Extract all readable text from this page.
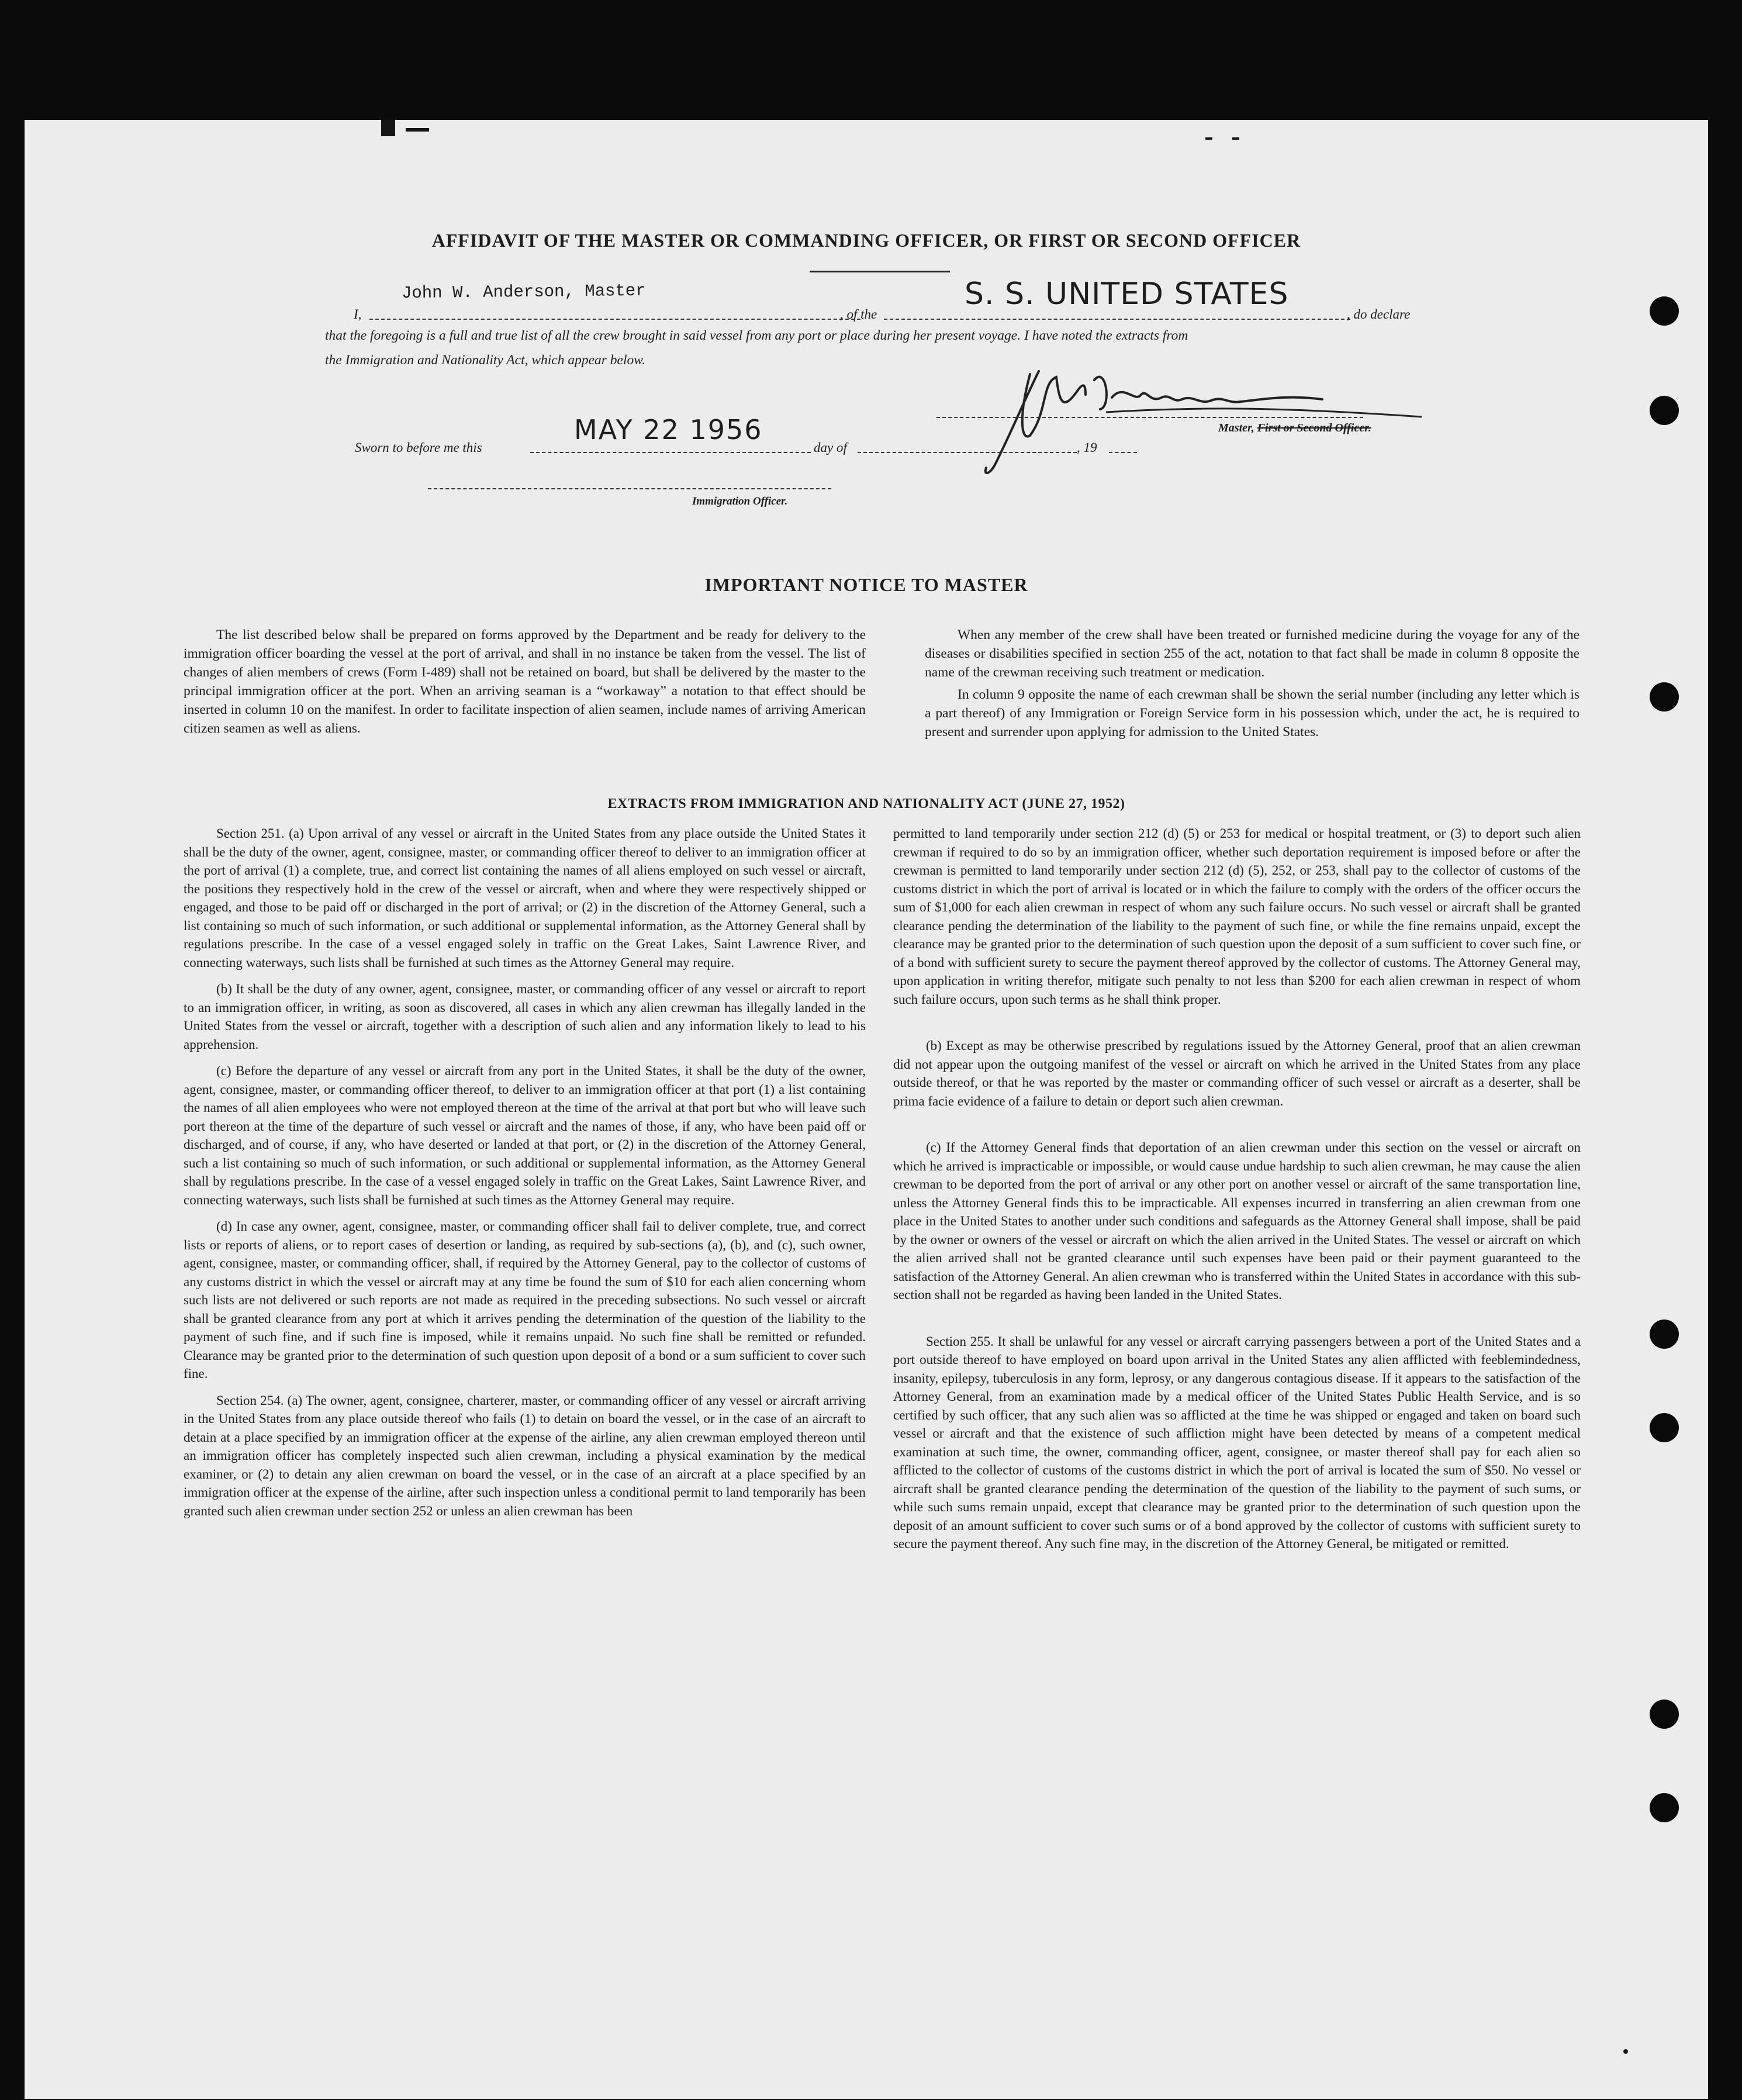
AFFIDAVIT OF THE MASTER OR COMMANDING OFFICER, OR FIRST OR SECOND OFFICER
I,
John W. Anderson, Master
, of the
S. S. UNITED STATES
, do declare
that the foregoing is a full and true list of all the crew brought in said vessel from any port or place during her present voyage. I have noted the extracts from
the Immigration and Nationality Act, which appear below.
Master, First or Second Officer.
Sworn to before me this
MAY 22 1956
day of	, 19
Immigration Officer.
IMPORTANT NOTICE TO MASTER

The list described below shall be prepared on forms approved by the Department and be ready for delivery to the immigration officer boarding the vessel at the port of arrival, and shall in no instance be taken from the vessel. The list of changes of alien members of crews (Form I-489) shall not be retained on board, but shall be delivered by the master to the principal immigration officer at the port. When an arriving seaman is a “workaway” a notation to that effect should be inserted in column 10 on the manifest. In order to facilitate inspection of alien seamen, include names of arriving American citizen seamen as well as aliens.

When any member of the crew shall have been treated or furnished medicine during the voyage for any of the diseases or disabilities specified in section 255 of the act, notation to that fact shall be made in column 8 opposite the name of the crewman receiving such treatment or medication.

In column 9 opposite the name of each crewman shall be shown the serial number (including any letter which is a part thereof) of any Immigration or Foreign Service form in his possession which, under the act, he is required to present and surrender upon applying for admission to the United States.

EXTRACTS FROM IMMIGRATION AND NATIONALITY ACT (JUNE 27, 1952)

Section 251. (a) Upon arrival of any vessel or aircraft in the United States from any place outside the United States it shall be the duty of the owner, agent, consignee, master, or commanding officer thereof to deliver to an immigration officer at the port of arrival (1) a complete, true, and correct list containing the names of all aliens employed on such vessel or aircraft, the positions they respectively hold in the crew of the vessel or aircraft, when and where they were respectively shipped or engaged, and those to be paid off or discharged in the port of arrival; or (2) in the discretion of the Attorney General, such a list containing so much of such information, or such additional or supplemental information, as the Attorney General shall by regulations prescribe. In the case of a vessel engaged solely in traffic on the Great Lakes, Saint Lawrence River, and connecting waterways, such lists shall be furnished at such times as the Attorney General may require.

(b) It shall be the duty of any owner, agent, consignee, master, or commanding officer of any vessel or aircraft to report to an immigration officer, in writing, as soon as discovered, all cases in which any alien crewman has illegally landed in the United States from the vessel or aircraft, together with a description of such alien and any information likely to lead to his apprehension.

(c) Before the departure of any vessel or aircraft from any port in the United States, it shall be the duty of the owner, agent, consignee, master, or commanding officer thereof, to deliver to an immigration officer at that port (1) a list containing the names of all alien employees who were not employed thereon at the time of the arrival at that port but who will leave such port thereon at the time of the departure of such vessel or aircraft and the names of those, if any, who have been paid off or discharged, and of course, if any, who have deserted or landed at that port, or (2) in the discretion of the Attorney General, such a list containing so much of such information, or such additional or supplemental information, as the Attorney General shall by regulations prescribe. In the case of a vessel engaged solely in traffic on the Great Lakes, Saint Lawrence River, and connecting waterways, such lists shall be furnished at such times as the Attorney General may require.

(d) In case any owner, agent, consignee, master, or commanding officer shall fail to deliver complete, true, and correct lists or reports of aliens, or to report cases of desertion or landing, as required by sub-sections (a), (b), and (c), such owner, agent, consignee, master, or commanding officer, shall, if required by the Attorney General, pay to the collector of customs of any customs district in which the vessel or aircraft may at any time be found the sum of $10 for each alien concerning whom such lists are not delivered or such reports are not made as required in the preceding subsections. No such vessel or aircraft shall be granted clearance from any port at which it arrives pending the determination of the question of the liability to the payment of such fine, and if such fine is imposed, while it remains unpaid. No such fine shall be remitted or refunded. Clearance may be granted prior to the determination of such question upon deposit of a bond or a sum sufficient to cover such fine.

Section 254. (a) The owner, agent, consignee, charterer, master, or commanding officer of any vessel or aircraft arriving in the United States from any place outside thereof who fails (1) to detain on board the vessel, or in the case of an aircraft to detain at a place specified by an immigration officer at the expense of the airline, any alien crewman employed thereon until an immigration officer has completely inspected such alien crewman, including a physical examination by the medical examiner, or (2) to detain any alien crewman on board the vessel, or in the case of an aircraft at a place specified by an immigration officer at the expense of the airline, after such inspection unless a conditional permit to land temporarily has been granted such alien crewman under section 252 or unless an alien crewman has been

permitted to land temporarily under section 212 (d) (5) or 253 for medical or hospital treatment, or (3) to deport such alien crewman if required to do so by an immigration officer, whether such deportation requirement is imposed before or after the crewman is permitted to land temporarily under section 212 (d) (5), 252, or 253, shall pay to the collector of customs of the customs district in which the port of arrival is located or in which the failure to comply with the orders of the officer occurs the sum of $1,000 for each alien crewman in respect of whom any such failure occurs. No such vessel or aircraft shall be granted clearance pending the determination of the liability to the payment of such fine, or while the fine remains unpaid, except the clearance may be granted prior to the determination of such question upon the deposit of a sum sufficient to cover such fine, or of a bond with sufficient surety to secure the payment thereof approved by the collector of customs. The Attorney General may, upon application in writing therefor, mitigate such penalty to not less than $200 for each alien crewman in respect of whom such failure occurs, upon such terms as he shall think proper.

(b) Except as may be otherwise prescribed by regulations issued by the Attorney General, proof that an alien crewman did not appear upon the outgoing manifest of the vessel or aircraft on which he arrived in the United States from any place outside thereof, or that he was reported by the master or commanding officer of such vessel or aircraft as a deserter, shall be prima facie evidence of a failure to detain or deport such alien crewman.

(c) If the Attorney General finds that deportation of an alien crewman under this section on the vessel or aircraft on which he arrived is impracticable or impossible, or would cause undue hardship to such alien crewman, he may cause the alien crewman to be deported from the port of arrival or any other port on another vessel or aircraft of the same transportation line, unless the Attorney General finds this to be impracticable. All expenses incurred in transferring an alien crewman from one place in the United States to another under such conditions and safeguards as the Attorney General shall impose, shall be paid by the owner or owners of the vessel or aircraft on which the alien arrived in the United States. The vessel or aircraft on which the alien arrived shall not be granted clearance until such expenses have been paid or their payment guaranteed to the satisfaction of the Attorney General. An alien crewman who is transferred within the United States in accordance with this sub-section shall not be regarded as having been landed in the United States.

Section 255. It shall be unlawful for any vessel or aircraft carrying passengers between a port of the United States and a port outside thereof to have employed on board upon arrival in the United States any alien afflicted with feeblemindedness, insanity, epilepsy, tuberculosis in any form, leprosy, or any dangerous contagious disease. If it appears to the satisfaction of the Attorney General, from an examination made by a medical officer of the United States Public Health Service, and is so certified by such officer, that any such alien was so afflicted at the time he was shipped or engaged and taken on board such vessel or aircraft and that the existence of such affliction might have been detected by means of a competent medical examination at such time, the owner, commanding officer, agent, consignee, or master thereof shall pay for each alien so afflicted to the collector of customs of the customs district in which the port of arrival is located the sum of $50. No vessel or aircraft shall be granted clearance pending the determination of the question of the liability to the payment of such sums, or while such sums remain unpaid, except that clearance may be granted prior to the determination of such question upon the deposit of an amount sufficient to cover such sums or of a bond approved by the collector of customs with sufficient surety to secure the payment thereof. Any such fine may, in the discretion of the Attorney General, be mitigated or remitted.
